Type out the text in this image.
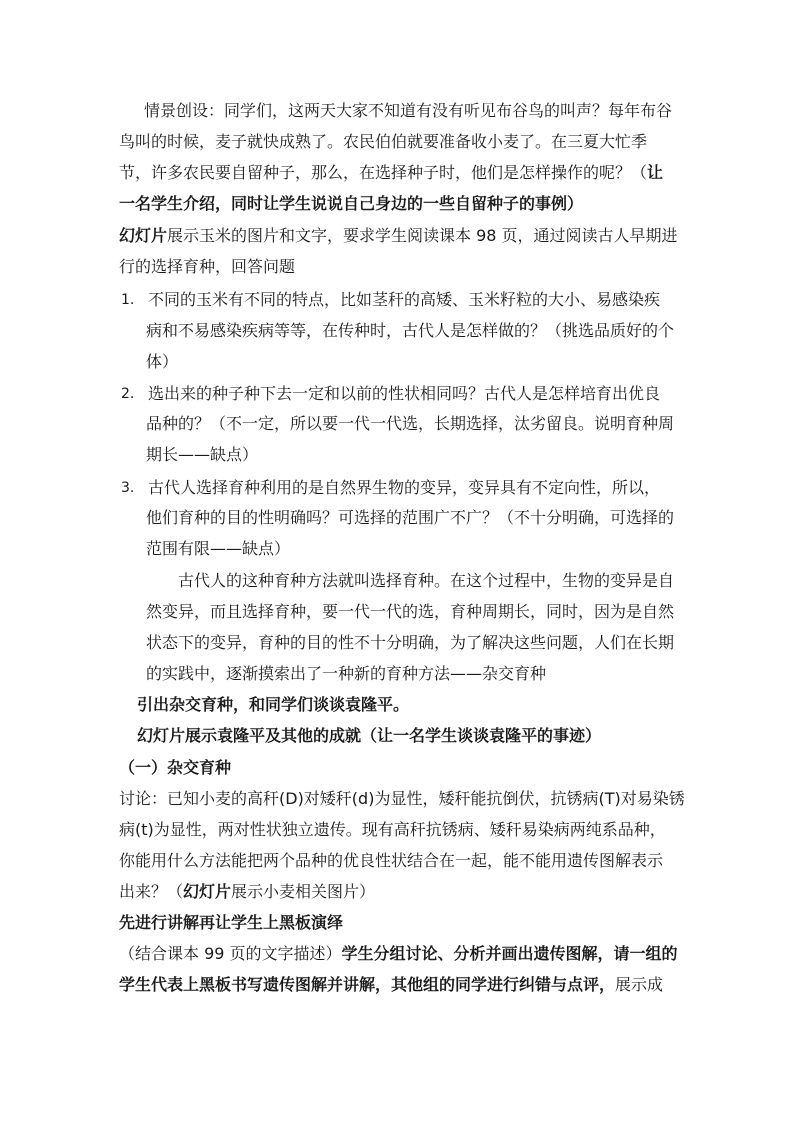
情景创设：同学们，这两天大家不知道有没有听见布谷鸟的叫声？每年布谷
鸟叫的时候，麦子就快成熟了。农民伯伯就要准备收小麦了。在三夏大忙季
节，许多农民要自留种子，那么，在选择种子时，他们是怎样操作的呢？（让
一名学生介绍，同时让学生说说自己身边的一些自留种子的事例）
幻灯片展示玉米的图片和文字，要求学生阅读课本 98 页，通过阅读古人早期进
行的选择育种，回答问题
1. 不同的玉米有不同的特点，比如茎秆的高矮、玉米籽粒的大小、易感染疾
病和不易感染疾病等等，在传种时，古代人是怎样做的？（挑选品质好的个
体）
2. 选出来的种子种下去一定和以前的性状相同吗？古代人是怎样培育出优良
品种的？（不一定，所以要一代一代选，长期选择，汰劣留良。说明育种周
期长——缺点）
3. 古代人选择育种利用的是自然界生物的变异，变异具有不定向性，所以，
他们育种的目的性明确吗？可选择的范围广不广？（不十分明确，可选择的
范围有限——缺点）
古代人的这种育种方法就叫选择育种。在这个过程中，生物的变异是自
然变异，而且选择育种，要一代一代的选，育种周期长，同时，因为是自然
状态下的变异，育种的目的性不十分明确，为了解决这些问题，人们在长期
的实践中，逐渐摸索出了一种新的育种方法——杂交育种
引出杂交育种，和同学们谈谈袁隆平。
幻灯片展示袁隆平及其他的成就（让一名学生谈谈袁隆平的事迹）
（一）杂交育种
讨论：已知小麦的高秆(D)对矮秆(d)为显性，矮秆能抗倒伏，抗锈病(T)对易染锈
病(t)为显性，两对性状独立遗传。现有高秆抗锈病、矮秆易染病两纯系品种，
你能用什么方法能把两个品种的优良性状结合在一起，能不能用遗传图解表示
出来？（幻灯片展示小麦相关图片）
先进行讲解再让学生上黑板演绎
（结合课本 99 页的文字描述）学生分组讨论、分析并画出遗传图解，请一组的
学生代表上黑板书写遗传图解并讲解，其他组的同学进行纠错与点评，展示成
